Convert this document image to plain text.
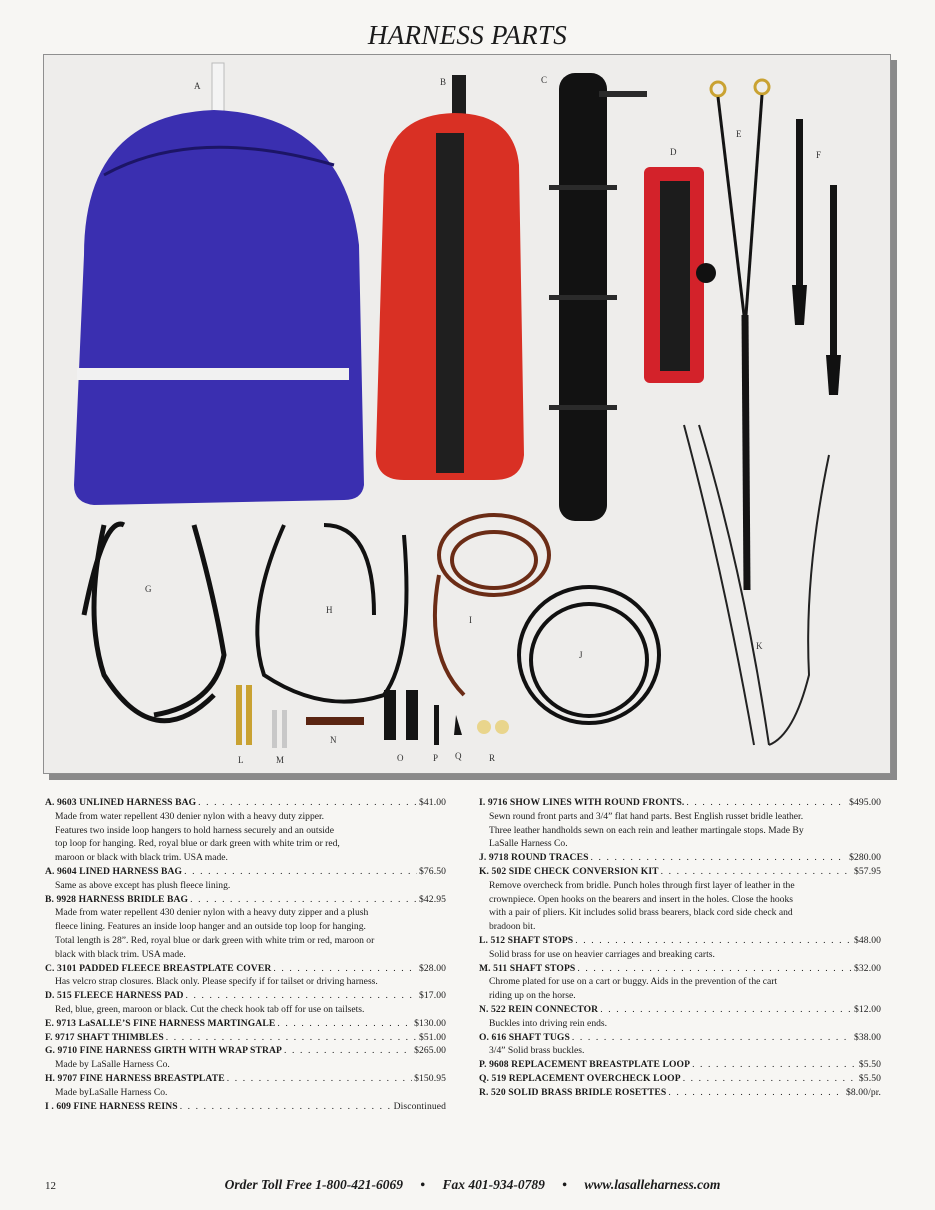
HARNESS PARTS
A	B	C
D
E
F
G
H
I
J
K
L	M
N
O	P Q	R
A. 9603 UNLINED HARNESS BAG . . .	$41.00
Made from water repellent 430 denier nylon with a heavy duty zipper.
Features two inside loop hangers to hold harness securely and an outside
top loop for hanging. Red, royal blue or dark green with white trim or red,
maroon or black with black trim. USA made.
A. 9604 LINED HARNESS BAG . . .	$76.50
Same as above except has plush fleece lining.
B. 9928 HARNESS BRIDLE BAG . . .	$42.95
Made from water repellent 430 denier nylon with a heavy duty zipper and a plush
fleece lining. Features an inside loop hanger and an outside top loop for hanging.
Total length is 28”. Red, royal blue or dark green with white trim or red, maroon or
black with black trim. USA made.
C. 3101 PADDED FLEECE BREASTPLATE COVER . . .	$28.00
Has velcro strap closures. Black only. Please specify if for tailset or driving harness.
D. 515 FLEECE HARNESS PAD . . .	$17.00
Red, blue, green, maroon or black. Cut the check hook tab off for use on tailsets.
E. 9713 LaSALLE’S FINE HARNESS MARTINGALE . . .	$130.00
F. 9717 SHAFT THIMBLES . . .	$51.00
G. 9710 FINE HARNESS GIRTH WITH WRAP STRAP . . .	$265.00
Made by LaSalle Harness Co.
H. 9707 FINE HARNESS BREASTPLATE . . .	$150.95
Made byLaSalle Harness Co.
I . 609 FINE HARNESS REINS . . .	Discontinued
I. 9716 SHOW LINES WITH ROUND FRONTS. . . .	$495.00
Sewn round front parts and 3/4” flat hand parts. Best English russet bridle leather.
Three leather handholds sewn on each rein and leather martingale stops. Made By
LaSalle Harness Co.
J. 9718 ROUND TRACES . . .	$280.00
K. 502 SIDE CHECK CONVERSION KIT . . .	$57.95
Remove overcheck from bridle. Punch holes through first layer of leather in the
crownpiece. Open hooks on the bearers and insert in the holes. Close the hooks
with a pair of pliers. Kit includes solid brass bearers, black cord side check and
bradoon bit.
L. 512 SHAFT STOPS . . .	$48.00
Solid brass for use on heavier carriages and breaking carts.
M. 511 SHAFT STOPS . . .	$32.00
Chrome plated for use on a cart or buggy. Aids in the prevention of the cart
riding up on the horse.
N. 522 REIN CONNECTOR . . .	$12.00
Buckles into driving rein ends.
O. 616 SHAFT TUGS . . .	$38.00
3/4” Solid brass buckles.
P. 9608 REPLACEMENT BREASTPLATE LOOP . . .	$5.50
Q. 519 REPLACEMENT OVERCHECK LOOP . . .	$5.50
R. 520 SOLID BRASS BRIDLE ROSETTES . . .	$8.00/pr.
12	Order Toll Free 1-800-421-6069 • Fax 401-934-0789 • www.lasalleharness.com
